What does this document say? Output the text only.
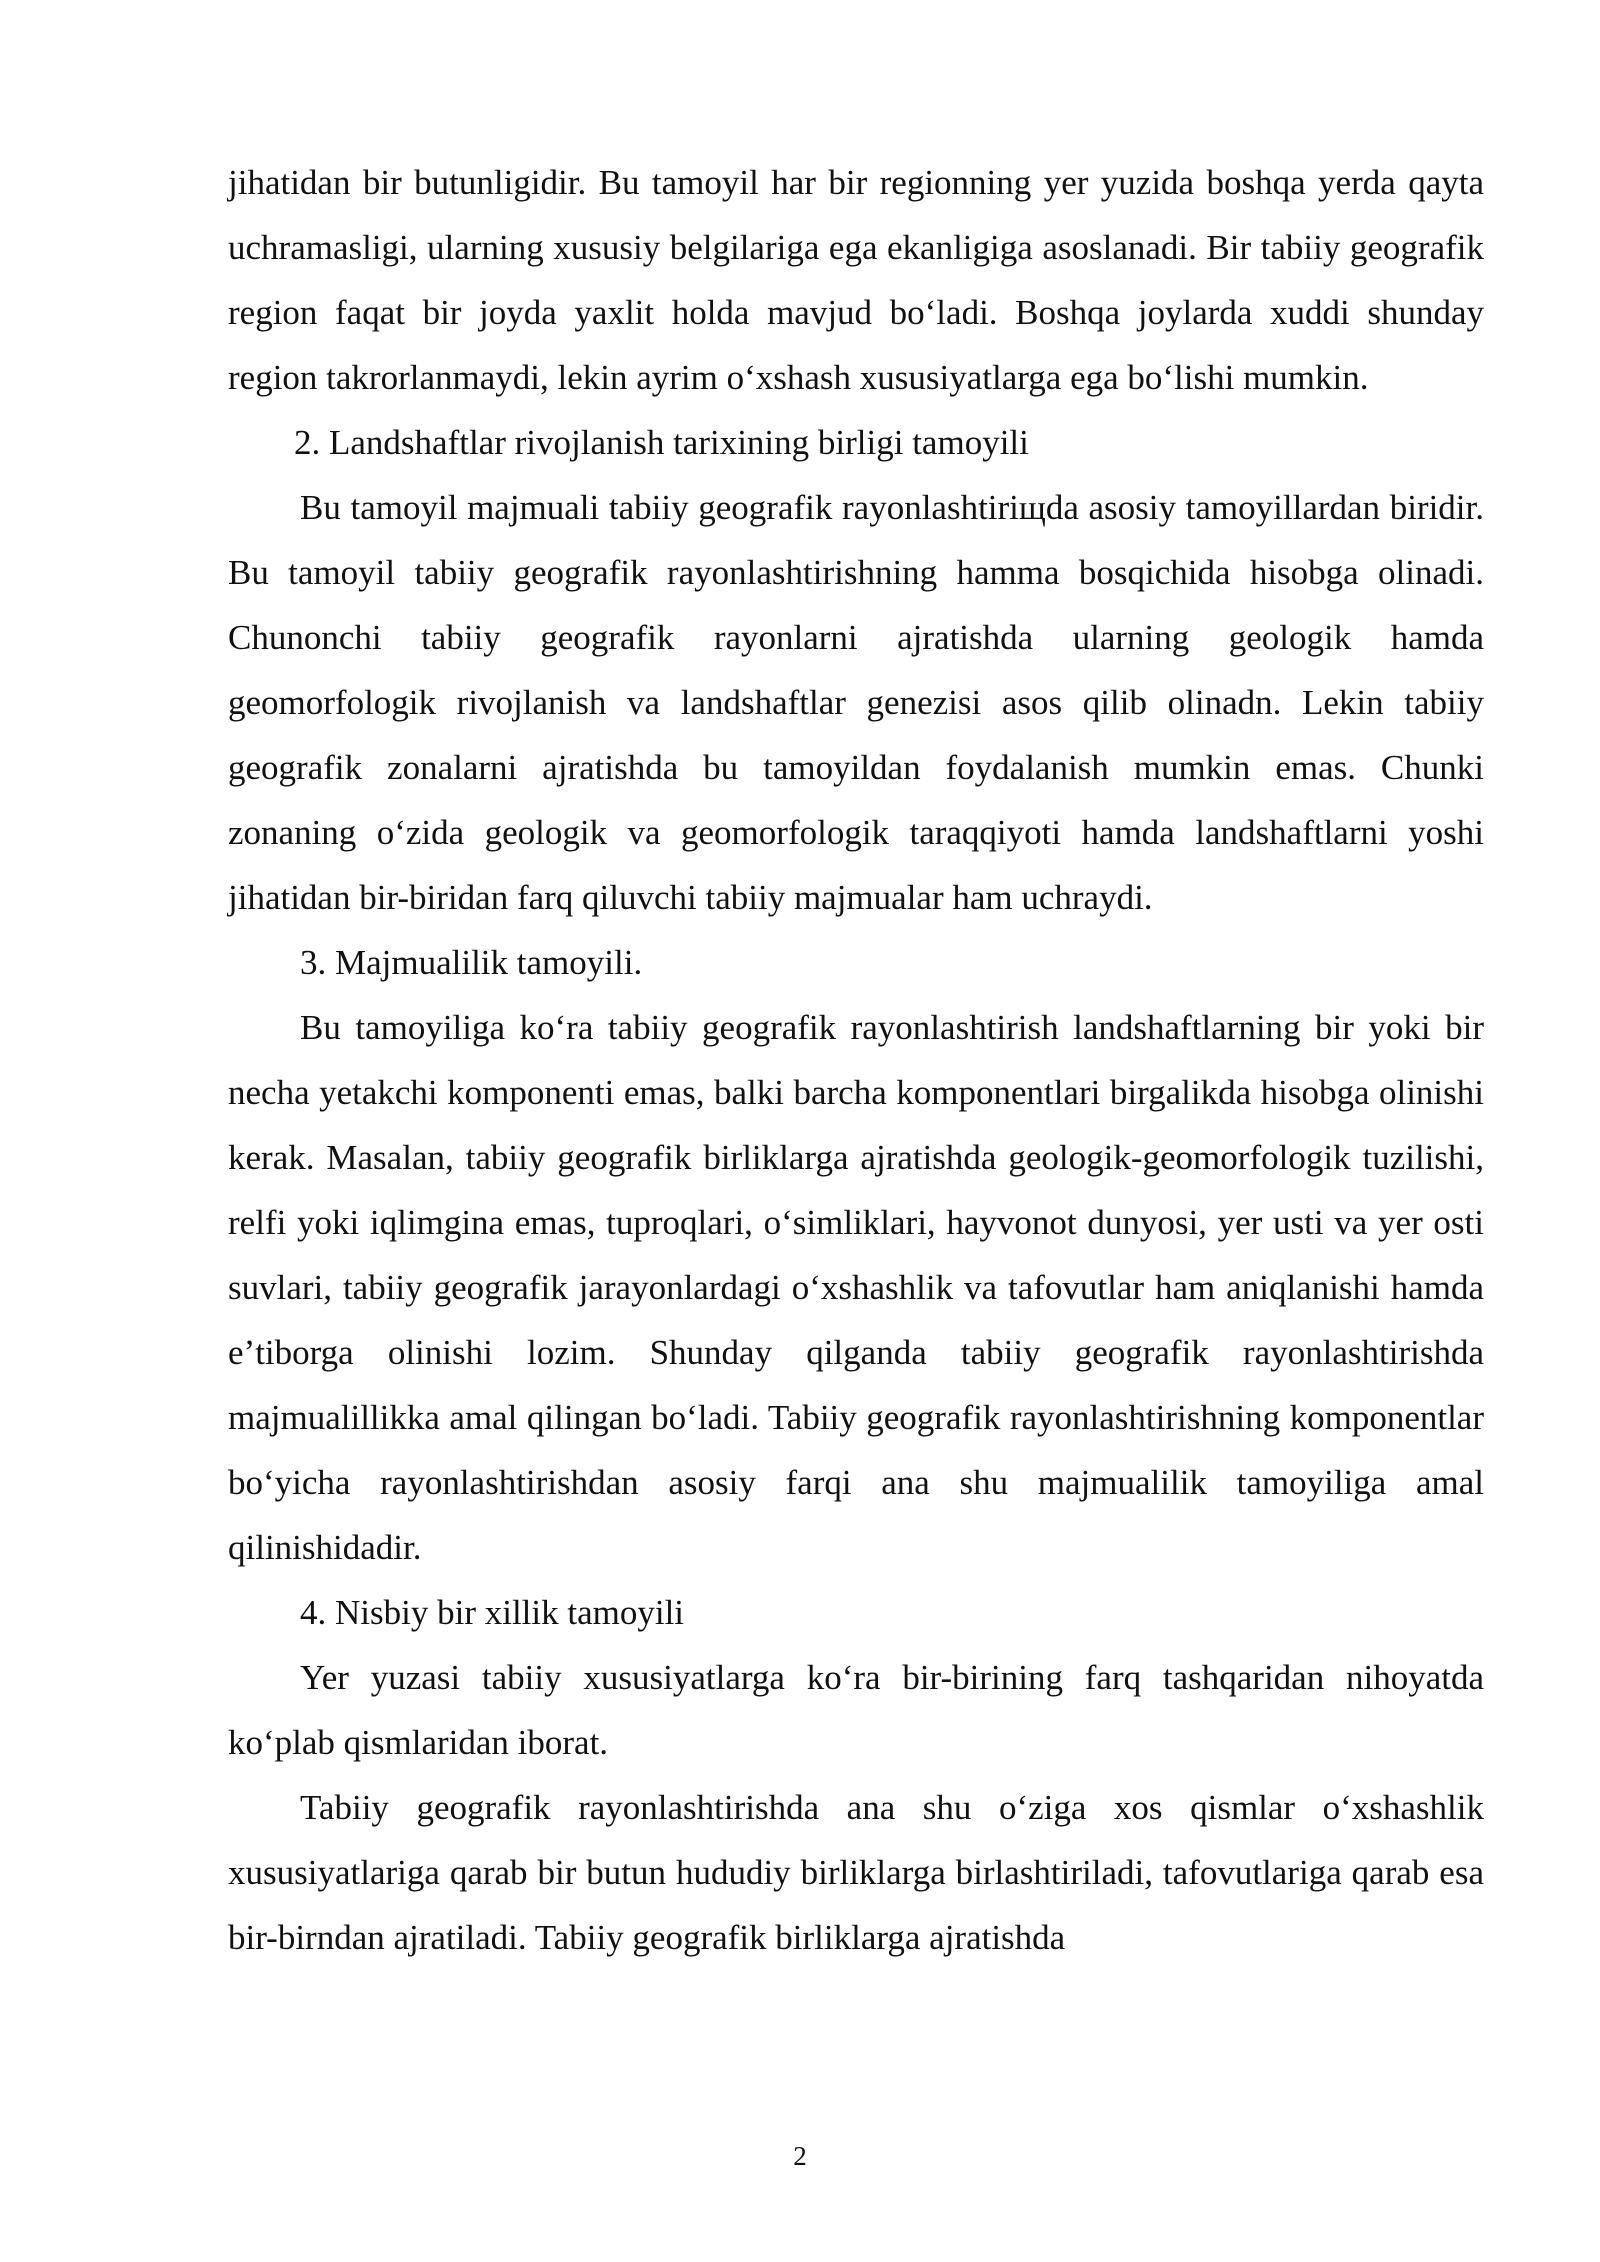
jihatidan bir butunligidir. Bu tamoyil har bir regionning yer yuzida boshqa yerda qayta uchramasligi, ularning xususiy belgilariga ega ekanligiga asoslanadi. Bir tabiiy geografik region faqat bir joyda yaxlit holda mavjud boʻladi. Boshqa joylarda xuddi shunday region takrorlanmaydi, lekin ayrim oʻxshash xususiyatlarga ega boʻlishi mumkin.

2. Landshaftlar rivojlanish tarixining birligi tamoyili

Bu tamoyil majmuali tabiiy geografik rayonlashtiriщda asosiy tamoyillardan biridir. Bu tamoyil tabiiy geografik rayonlashtirishning hamma bosqichida hisobga olinadi. Chunonchi tabiiy geografik rayonlarni ajratishda ularning geologik hamda geomorfologik rivojlanish va landshaftlar genezisi asos qilib olinadn. Lekin tabiiy geografik zonalarni ajratishda bu tamoyildan foydalanish mumkin emas. Chunki zonaning oʻzida geologik va geomorfologik taraqqiyoti hamda landshaftlarni yoshi jihatidan bir-biridan farq qiluvchi tabiiy majmualar ham uchraydi.

3. Majmualilik tamoyili.

Bu tamoyiliga koʻra tabiiy geografik rayonlashtirish landshaftlarning bir yoki bir necha yetakchi komponenti emas, balki barcha komponentlari birgalikda hisobga olinishi kerak. Masalan, tabiiy geografik birliklarga ajratishda geologik-geomorfologik tuzilishi, relfi yoki iqlimgina emas, tuproqlari, oʻsimliklari, hayvonot dunyosi, yer usti va yer osti suvlari, tabiiy geografik jarayonlardagi oʻxshashlik va tafovutlar ham aniqlanishi hamda eʼtiborga olinishi lozim. Shunday qilganda tabiiy geografik rayonlashtirishda majmualillikka amal qilingan boʻladi. Tabiiy geografik rayonlashtirishning komponentlar boʻyicha rayonlashtirishdan asosiy farqi ana shu majmualilik tamoyiliga amal qilinishidadir.

4. Nisbiy bir xillik tamoyili

Yer yuzasi tabiiy xususiyatlarga koʻra bir-birining farq tashqaridan nihoyatda koʻplab qismlaridan iborat.

Tabiiy geografik rayonlashtirishda ana shu oʻziga xos qismlar oʻxshashlik xususiyatlariga qarab bir butun hududiy birliklarga birlashtiriladi, tafovutlariga qarab esa bir-birndan ajratiladi. Tabiiy geografik birliklarga ajratishda

2
